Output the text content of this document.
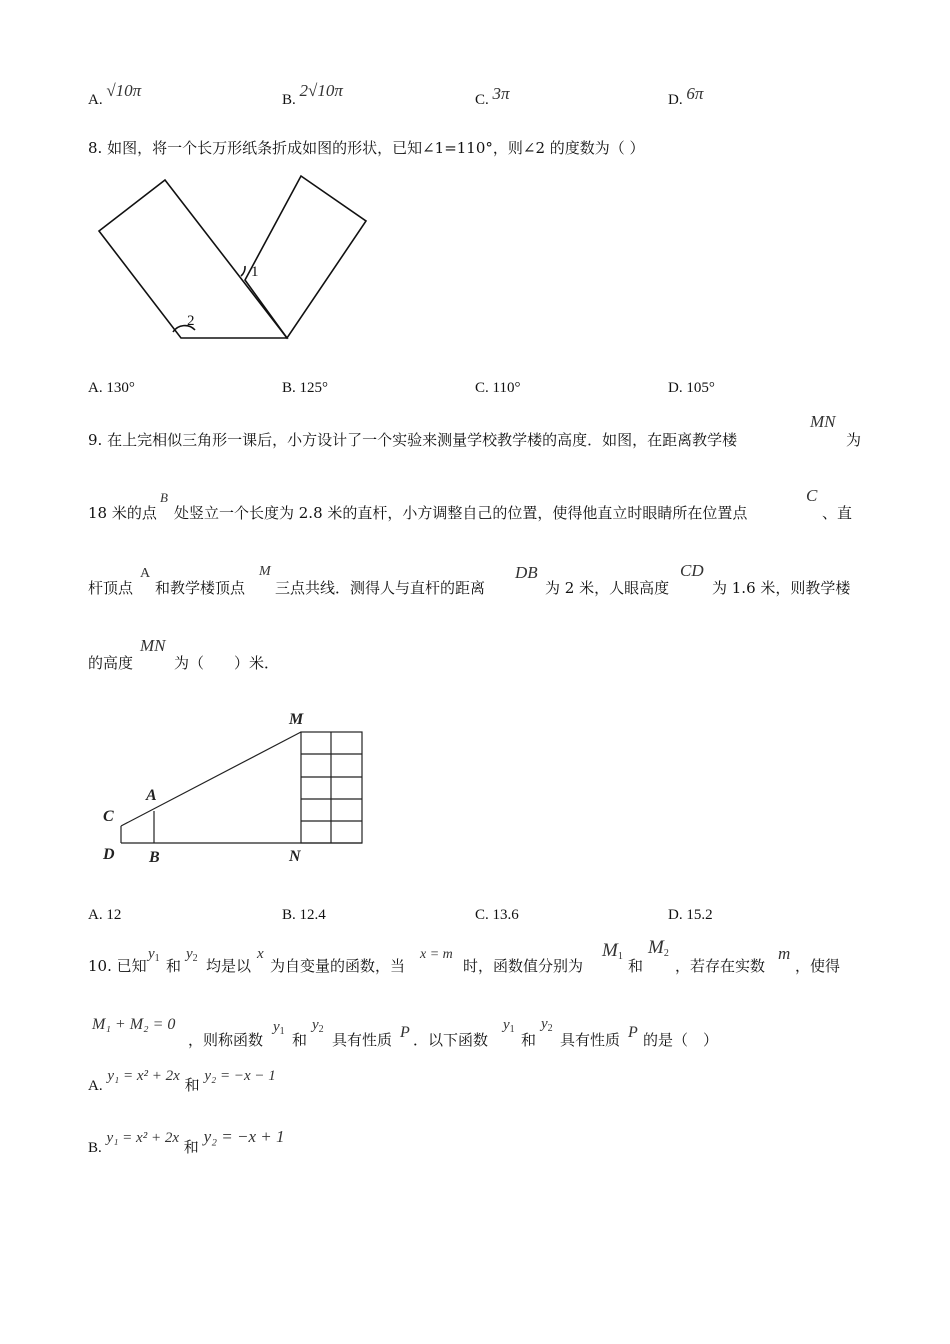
A. √10π	B. 2√10π	C. 3π	D. 6π
8. 如图，将一个长万形纸条折成如图的形状，已知∠1=110°，则∠2 的度数为（ ）
1
2
A. 130°	B. 125°	C. 110°	D. 105°
9. 在上完相似三角形一课后，小方设计了一个实验来测量学校教学楼的高度．如图，在距离教学楼
MN
为
18 米的点
B
处竖立一个长度为 2.8 米的直杆，小方调整自己的位置，使得他直立时眼睛所在位置点
C
、直
杆顶点
A
和教学楼顶点
M
三点共线．测得人与直杆的距离
DB
为 2 米，人眼高度
CD
为 1.6 米，则教学楼
的高度
MN
为（　　）米．
M
A
C
D B	N
A. 12	B. 12.4	C. 13.6	D. 15.2
10. 已知
$y_1$ 和
$y_2$ 均是以
x
为自变量的函数，当
x = m
时，函数值分别为
$M_1$
和
$M_2$
，若存在实数
m
，使得
M₁ + M₂ = 0
，则称函数
$y_1$ 和
$y_2$
具有性质 P ．以下函数
$y_1$
和
$y_2$
具有性质 P 的是（　）
A. y₁ = x² + 2x 和 y₂ = −x − 1
B. y₁ = x² + 2x 和 y₂ = −x + 1
